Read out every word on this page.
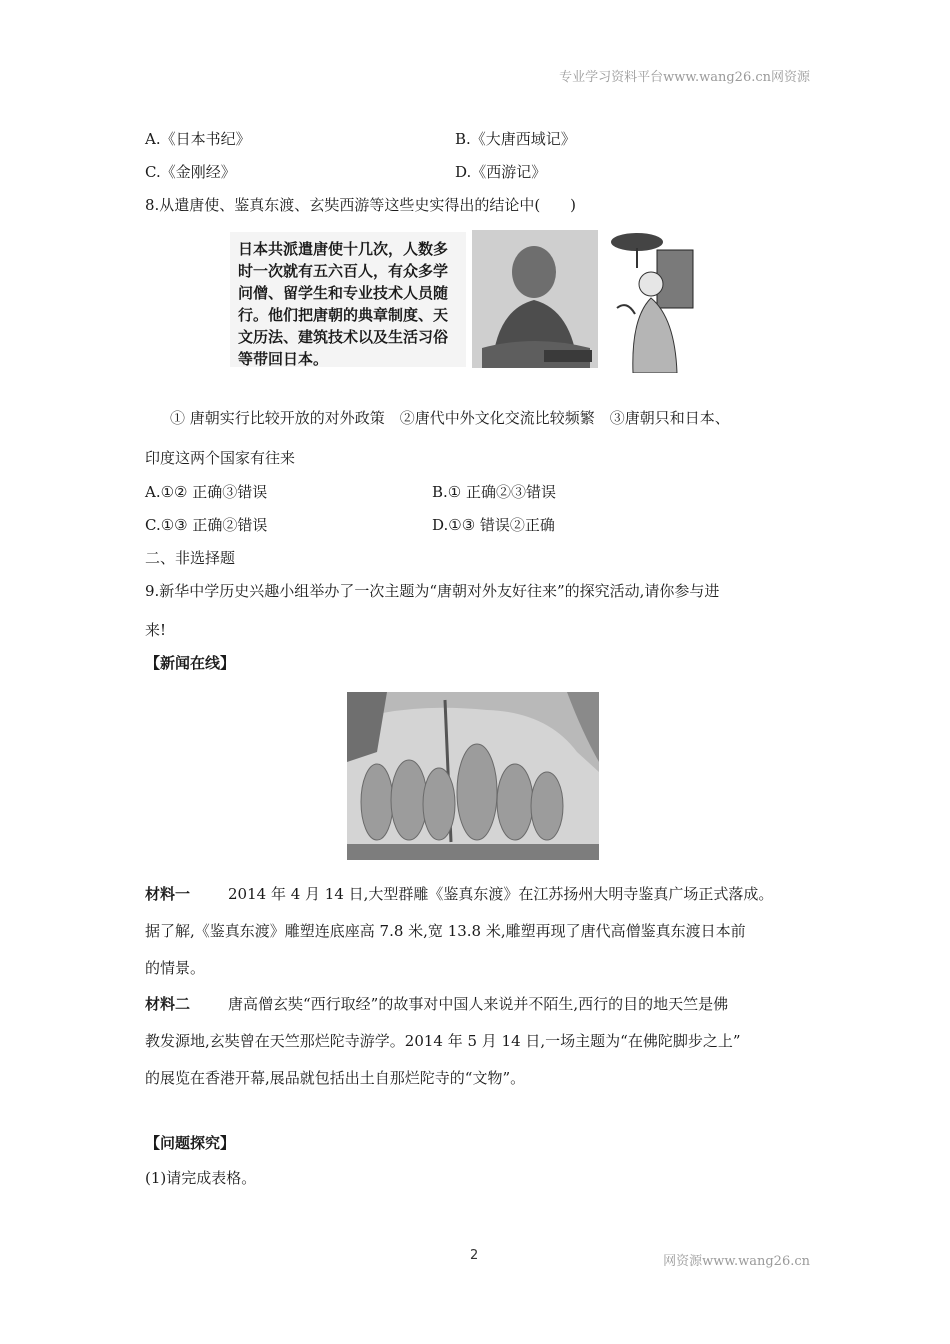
专业学习资料平台www.wang26.cn网资源
A.《日本书纪》	B.《大唐西域记》
C.《金刚经》	D.《西游记》
8.从遣唐使、鉴真东渡、玄奘西游等这些史实得出的结论中(　　)
日本共派遣唐使十几次，人数多时一次就有五六百人，有众多学问僧、留学生和专业技术人员随行。他们把唐朝的典章制度、天文历法、建筑技术以及生活习俗等带回日本。
① 唐朝实行比较开放的对外政策　②唐代中外文化交流比较频繁　③唐朝只和日本、
印度这两个国家有往来
A.①② 正确③错误	B.① 正确②③错误
C.①③ 正确②错误	D.①③ 错误②正确
二、非选择题
9.新华中学历史兴趣小组举办了一次主题为“唐朝对外友好往来”的探究活动,请你参与进
来!
【新闻在线】
材料一	2014 年 4 月 14 日,大型群雕《鉴真东渡》在江苏扬州大明寺鉴真广场正式落成。
据了解,《鉴真东渡》雕塑连底座高 7.8 米,宽 13.8 米,雕塑再现了唐代高僧鉴真东渡日本前
的情景。
材料二	唐高僧玄奘“西行取经”的故事对中国人来说并不陌生,西行的目的地天竺是佛
教发源地,玄奘曾在天竺那烂陀寺游学。2014 年 5 月 14 日,一场主题为“在佛陀脚步之上”
的展览在香港开幕,展品就包括出土自那烂陀寺的“文物”。
【问题探究】
(1)请完成表格。
2	网资源www.wang26.cn
